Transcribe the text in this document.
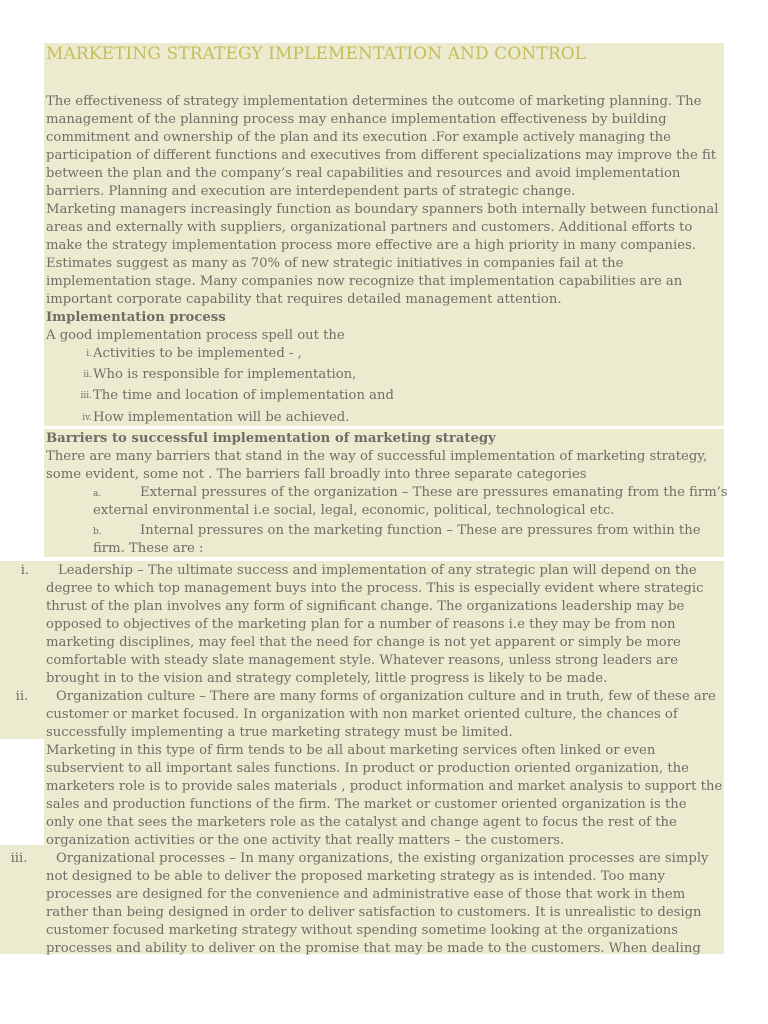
MARKETING STRATEGY IMPLEMENTATION AND CONTROL
The effectiveness of strategy implementation determines the outcome of marketing planning. The
management of the planning process may enhance implementation effectiveness by building
commitment and ownership of the plan and its execution .For example actively managing the
participation of different functions and executives from different specializations may improve the fit
between the plan and the company’s real capabilities and resources and avoid implementation
barriers. Planning and execution are interdependent parts of strategic change.
Marketing managers increasingly function as boundary spanners both internally between functional
areas and externally with suppliers, organizational partners and customers. Additional efforts to
make the strategy implementation process more effective are a high priority in many companies.
Estimates suggest as many as 70% of new strategic initiatives in companies fail at the
implementation stage. Many companies now recognize that implementation capabilities are an
important corporate capability that requires detailed management attention.
Implementation process
A good implementation process spell out the
i. Activities to be implemented - ,
ii. Who is responsible for implementation,
iii. The time and location of implementation and
iv. How implementation will be achieved.
Barriers to successful implementation of marketing strategy
There are many barriers that stand in the way of successful implementation of marketing strategy,
some evident, some not . The barriers fall broadly into three separate categories
a.	External pressures of the organization – These are pressures emanating from the firm’s
external environmental i.e social, legal, economic, political, technological etc.
b.	Internal pressures on the marketing function – These are pressures from within the
firm. These are :
i.	Leadership – The ultimate success and implementation of any strategic plan will depend on the
degree to which top management buys into the process. This is especially evident where strategic
thrust of the plan involves any form of significant change. The organizations leadership may be
opposed to objectives of the marketing plan for a number of reasons i.e they may be from non
marketing disciplines, may feel that the need for change is not yet apparent or simply be more
comfortable with steady slate management style. Whatever reasons, unless strong leaders are
brought in to the vision and strategy completely, little progress is likely to be made.
ii.	Organization culture – There are many forms of organization culture and in truth, few of these are
customer or market focused. In organization with non market oriented culture, the chances of
successfully implementing a true marketing strategy must be limited.
Marketing in this type of firm tends to be all about marketing services often linked or even
subservient to all important sales functions. In product or production oriented organization, the
marketers role is to provide sales materials , product information and market analysis to support the
sales and production functions of the firm. The market or customer oriented organization is the
only one that sees the marketers role as the catalyst and change agent to focus the rest of the
organization activities or the one activity that really matters – the customers.
iii.	Organizational processes – In many organizations, the existing organization processes are simply
not designed to be able to deliver the proposed marketing strategy as is intended. Too many
processes are designed for the convenience and administrative ease of those that work in them
rather than being designed in order to deliver satisfaction to customers. It is unrealistic to design
customer focused marketing strategy without spending sometime looking at the organizations
processes and ability to deliver on the promise that may be made to the customers. When dealing
